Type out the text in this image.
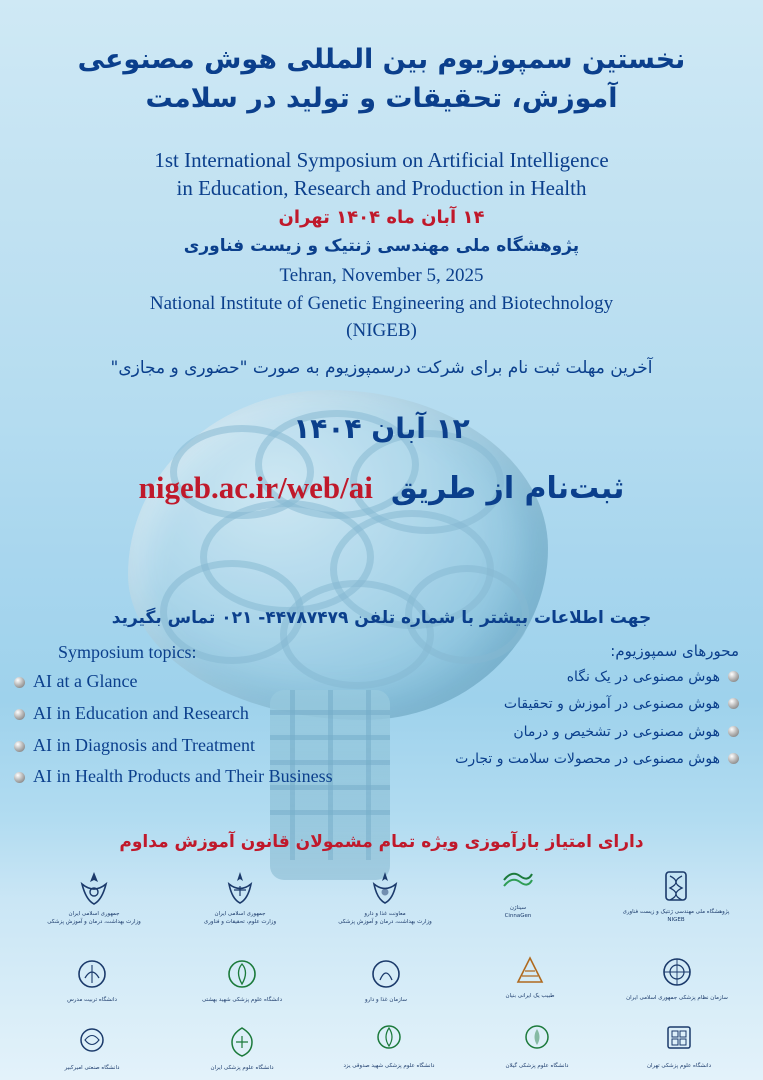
نخستین سمپوزیوم بین المللی هوش مصنوعی
آموزش، تحقیقات و تولید در سلامت
1st International Symposium on Artificial Intelligence
in Education, Research and Production in Health
۱۴ آبان ماه ۱۴۰۴ تهران
پژوهشگاه ملی مهندسی ژنتیک و زیست فناوری
Tehran, November 5, 2025
National Institute of Genetic Engineering and Biotechnology
(NIGEB)
آخرین مهلت ثبت نام برای شرکت درسمپوزیوم به صورت "حضوری و مجازی"
۱۲ آبان ۱۴۰۴
ثبت‌نام از طریق nigeb.ac.ir/web/ai
جهت اطلاعات بیشتر با شماره تلفن ۴۴۷۸۷۴۷۹- ۰۲۱ تماس بگیرید
محورهای سمپوزیوم:
هوش مصنوعی در یک نگاه
هوش مصنوعی در آموزش و تحقیقات
هوش مصنوعی در تشخیص و درمان
هوش مصنوعی در محصولات سلامت و تجارت
Symposium topics:
AI at a Glance
AI in Education and Research
AI in Diagnosis and Treatment
AI in Health Products and Their Business
دارای امتیاز بازآموزی ویژه تمام مشمولان قانون آموزش مداوم
جمهوری اسلامی ایران
وزارت بهداشت، درمان و آموزش پزشکی
جمهوری اسلامی ایران
وزارت علوم، تحقیقات و فناوری
معاونت غذا و دارو
وزارت بهداشت، درمان و آموزش پزشکی
سیناژن
CinnaGen
پژوهشگاه ملی مهندسی ژنتیک و زیست فناوری
NIGEB
دانشگاه تربیت مدرس	دانشگاه علوم پزشکی شهید بهشتی	سازمان غذا و دارو
طبیب یک ایرانی بنیان	سازمان نظام پزشکی جمهوری اسلامی ایران
دانشگاه صنعتی امیرکبیر	دانشگاه علوم پزشکی ایران	دانشگاه علوم پزشکی شهید صدوقی یزد	دانشگاه علوم پزشکی گیلان	دانشگاه علوم پزشکی تهران
